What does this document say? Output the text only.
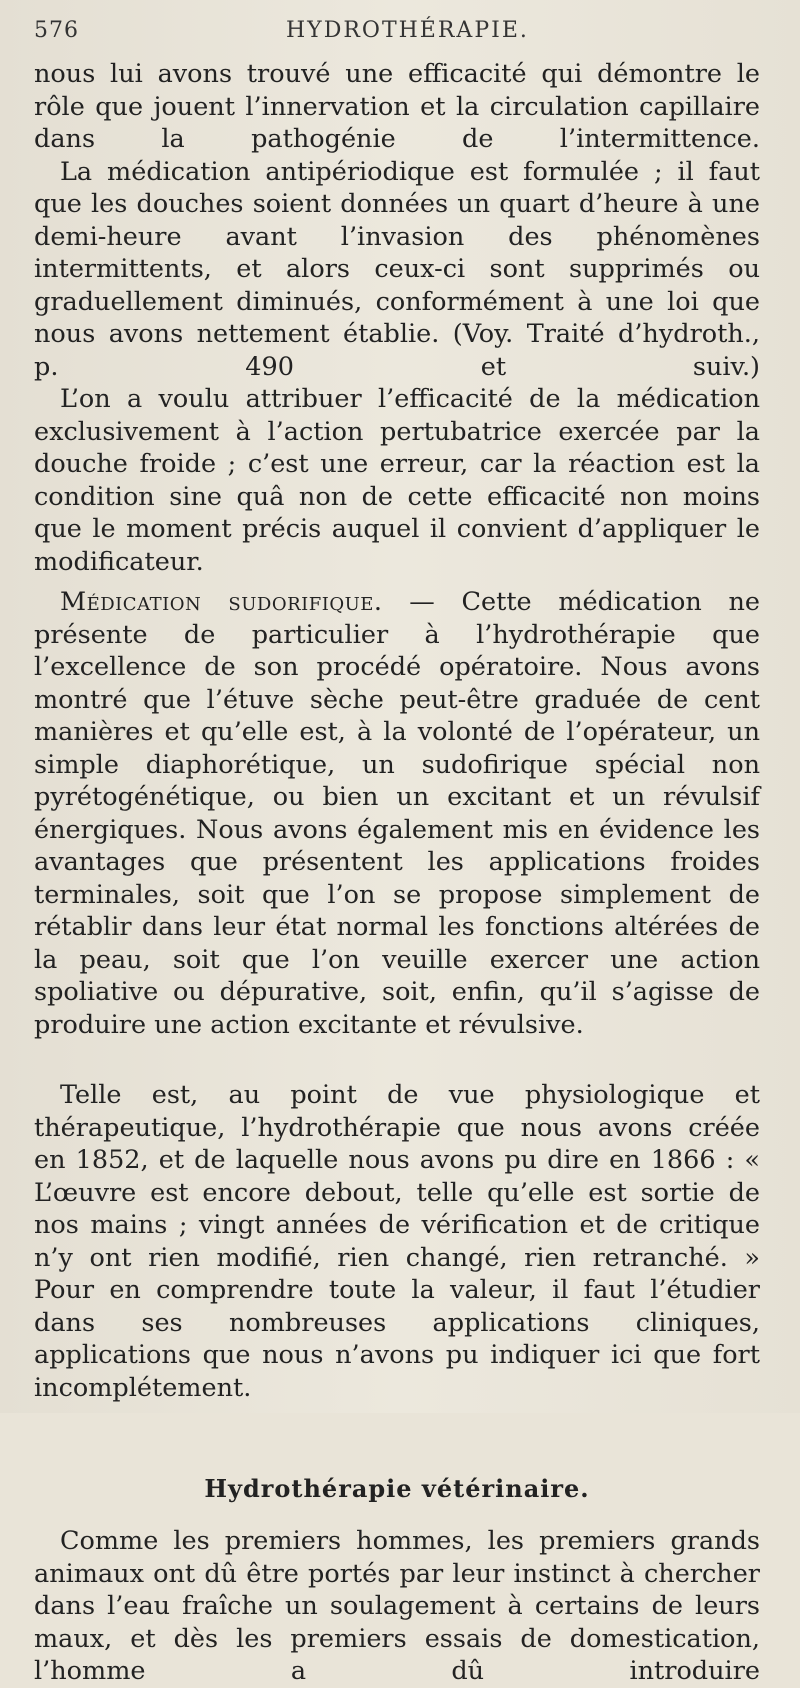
576	HYDROTHÉRAPIE.

nous lui avons trouvé une efficacité qui démontre le rôle que jouent l’innervation et la circulation capillaire dans la pathogénie de l’intermittence.

La médication antipériodique est formulée ; il faut que les douches soient données un quart d’heure à une demi-heure avant l’invasion des phénomènes intermittents, et alors ceux-ci sont supprimés ou graduellement diminués, conformément à une loi que nous avons nettement établie. (Voy. Traité d’hydroth., p. 490 et suiv.)

L’on a voulu attribuer l’efficacité de la médication exclusivement à l’action pertubatrice exercée par la douche froide ; c’est une erreur, car la réaction est la condition sine quâ non de cette efficacité non moins que le moment précis auquel il convient d’appliquer le modificateur.

Médication sudorifique. — Cette médication ne présente de particulier à l’hydrothérapie que l’excellence de son procédé opératoire. Nous avons montré que l’étuve sèche peut-être graduée de cent manières et qu’elle est, à la volonté de l’opérateur, un simple diaphorétique, un sudofirique spécial non pyrétogénétique, ou bien un excitant et un révulsif énergiques. Nous avons également mis en évidence les avantages que présentent les applications froides terminales, soit que l’on se propose simplement de rétablir dans leur état normal les fonctions altérées de la peau, soit que l’on veuille exercer une action spoliative ou dépurative, soit, enfin, qu’il s’agisse de produire une action excitante et révulsive.

Telle est, au point de vue physiologique et thérapeutique, l’hydrothérapie que nous avons créée en 1852, et de laquelle nous avons pu dire en 1866 : « L’œuvre est encore debout, telle qu’elle est sortie de nos mains ; vingt années de vérification et de critique n’y ont rien modifié, rien changé, rien retranché. » Pour en comprendre toute la valeur, il faut l’étudier dans ses nombreuses applications cliniques, applications que nous n’avons pu indiquer ici que fort incomplétement.

Hydrothérapie vétérinaire.

Comme les premiers hommes, les premiers grands animaux ont dû être portés par leur instinct à chercher dans l’eau fraîche un soulagement à certains de leurs maux, et dès les premiers essais de domestication, l’homme a dû introduire
